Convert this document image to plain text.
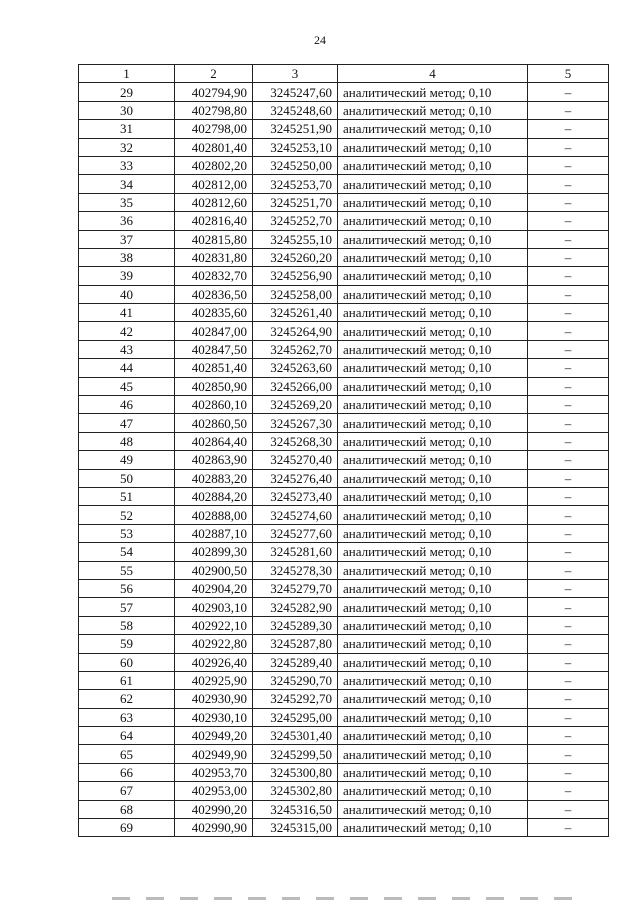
24
1	2	3	4	5
29	402794,90	3245247,60	аналитический метод; 0,10	–
30	402798,80	3245248,60	аналитический метод; 0,10	–
31	402798,00	3245251,90	аналитический метод; 0,10	–
32	402801,40	3245253,10	аналитический метод; 0,10	–
33	402802,20	3245250,00	аналитический метод; 0,10	–
34	402812,00	3245253,70	аналитический метод; 0,10	–
35	402812,60	3245251,70	аналитический метод; 0,10	–
36	402816,40	3245252,70	аналитический метод; 0,10	–
37	402815,80	3245255,10	аналитический метод; 0,10	–
38	402831,80	3245260,20	аналитический метод; 0,10	–
39	402832,70	3245256,90	аналитический метод; 0,10	–
40	402836,50	3245258,00	аналитический метод; 0,10	–
41	402835,60	3245261,40	аналитический метод; 0,10	–
42	402847,00	3245264,90	аналитический метод; 0,10	–
43	402847,50	3245262,70	аналитический метод; 0,10	–
44	402851,40	3245263,60	аналитический метод; 0,10	–
45	402850,90	3245266,00	аналитический метод; 0,10	–
46	402860,10	3245269,20	аналитический метод; 0,10	–
47	402860,50	3245267,30	аналитический метод; 0,10	–
48	402864,40	3245268,30	аналитический метод; 0,10	–
49	402863,90	3245270,40	аналитический метод; 0,10	–
50	402883,20	3245276,40	аналитический метод; 0,10	–
51	402884,20	3245273,40	аналитический метод; 0,10	–
52	402888,00	3245274,60	аналитический метод; 0,10	–
53	402887,10	3245277,60	аналитический метод; 0,10	–
54	402899,30	3245281,60	аналитический метод; 0,10	–
55	402900,50	3245278,30	аналитический метод; 0,10	–
56	402904,20	3245279,70	аналитический метод; 0,10	–
57	402903,10	3245282,90	аналитический метод; 0,10	–
58	402922,10	3245289,30	аналитический метод; 0,10	–
59	402922,80	3245287,80	аналитический метод; 0,10	–
60	402926,40	3245289,40	аналитический метод; 0,10	–
61	402925,90	3245290,70	аналитический метод; 0,10	–
62	402930,90	3245292,70	аналитический метод; 0,10	–
63	402930,10	3245295,00	аналитический метод; 0,10	–
64	402949,20	3245301,40	аналитический метод; 0,10	–
65	402949,90	3245299,50	аналитический метод; 0,10	–
66	402953,70	3245300,80	аналитический метод; 0,10	–
67	402953,00	3245302,80	аналитический метод; 0,10	–
68	402990,20	3245316,50	аналитический метод; 0,10	–
69	402990,90	3245315,00	аналитический метод; 0,10	–
